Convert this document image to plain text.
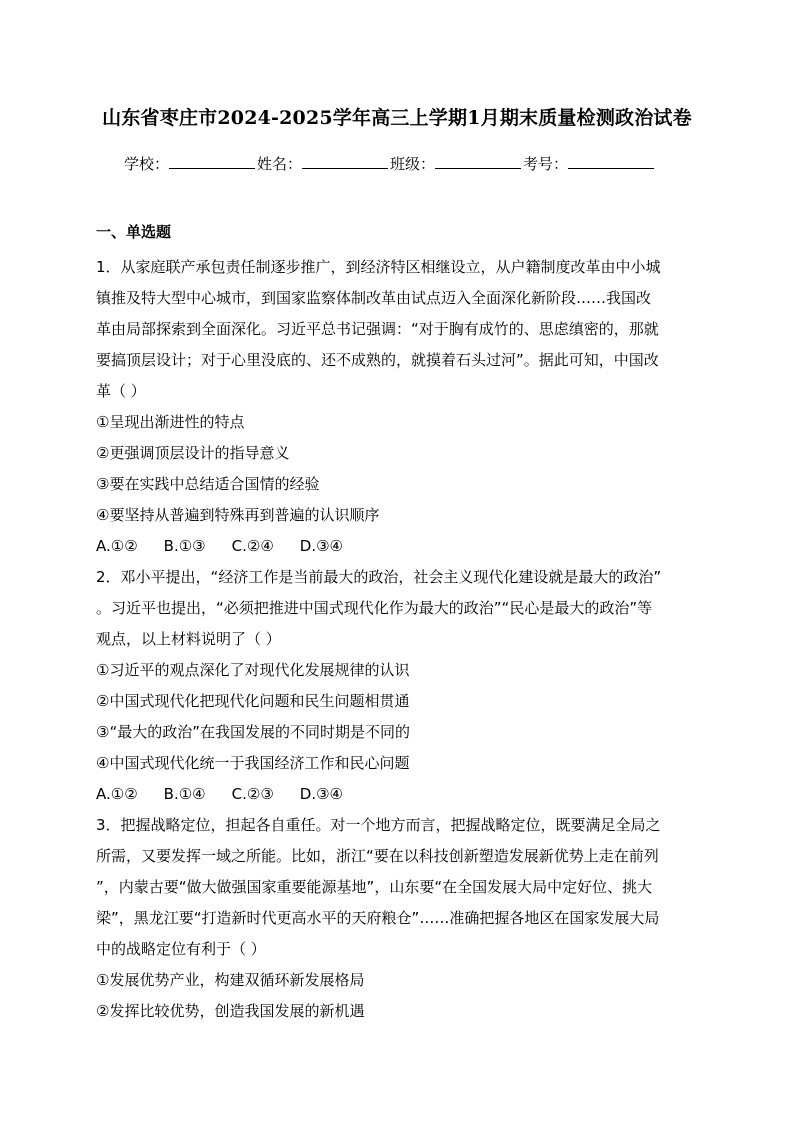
山东省枣庄市2024-2025学年高三上学期1月期末质量检测政治试卷
学校：	姓名：	班级：	考号：
一、单选题
1．从家庭联产承包责任制逐步推广，到经济特区相继设立，从户籍制度改革由中小城
镇推及特大型中心城市，到国家监察体制改革由试点迈入全面深化新阶段……我国改
革由局部探索到全面深化。习近平总书记强调：“对于胸有成竹的、思虑缜密的，那就
要搞顶层设计；对于心里没底的、还不成熟的，就摸着石头过河”。据此可知，中国改
革（ ）
①呈现出渐进性的特点
②更强调顶层设计的指导意义
③要在实践中总结适合国情的经验
④要坚持从普遍到特殊再到普遍的认识顺序
A.①② B.①③ C.②④ D.③④
2．邓小平提出，“经济工作是当前最大的政治，社会主义现代化建设就是最大的政治”
。习近平也提出，“必须把推进中国式现代化作为最大的政治”“民心是最大的政治”等
观点，以上材料说明了（ ）
①习近平的观点深化了对现代化发展规律的认识
②中国式现代化把现代化问题和民生问题相贯通
③“最大的政治”在我国发展的不同时期是不同的
④中国式现代化统一于我国经济工作和民心问题
A.①② B.①④ C.②③ D.③④
3．把握战略定位，担起各自重任。对一个地方而言，把握战略定位，既要满足全局之
所需，又要发挥一域之所能。比如，浙江“要在以科技创新塑造发展新优势上走在前列
”，内蒙古要“做大做强国家重要能源基地”，山东要“在全国发展大局中定好位、挑大
梁”，黑龙江要“打造新时代更高水平的天府粮仓”……准确把握各地区在国家发展大局
中的战略定位有利于（ ）
①发展优势产业，构建双循环新发展格局
②发挥比较优势，创造我国发展的新机遇
